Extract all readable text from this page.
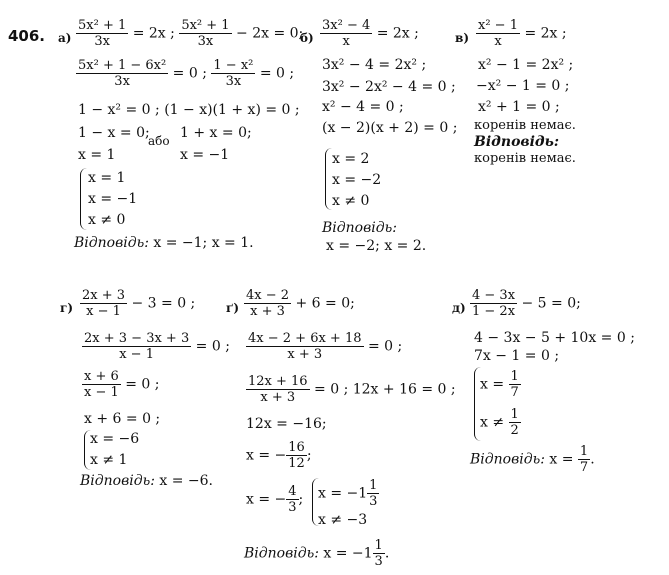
406. $а) \frac{\text{5x² + 1}}{3x} = 2x$ ; $\frac{\text{5x² + 1}}{3x} - 2x = 0$;
$\frac{\text{5x² + 1 − 6x²}}{3x} = 0$ ; $\frac{\text{1 − x²}}{3x} = 0$ ;
1 − x² = 0 ; (1 − x)(1 + x) = 0 ;
1 − x = 0;
або 1 + x = 0;
x = 1	x = −1
x = 1
x = −1
x ≠ 0
Відповідь: x = −1; x = 1.
$б) \frac{\text{3x² − 4}}{x} = 2x$ ;
3x² − 4 = 2x² ;
3x² − 2x² − 4 = 0 ;
x² − 4 = 0 ;
(x − 2)(x + 2) = 0 ;
x = 2
x = −2
x ≠ 0
Відповідь:
x = −2; x = 2.
$в) \frac{\text{x² − 1}}{x} = 2x$ ;
x² − 1 = 2x² ;
−x² − 1 = 0 ;
x² + 1 = 0 ;
коренів немає.
Відповідь:
коренів немає.
$г) \frac{2x + 3}{x - 1} - 3 = 0$ ;
$\frac{2x + 3 - 3x + 3}{x - 1} = 0$ ;
$\frac{x + 6}{x - 1} = 0$ ;
x + 6 = 0 ;
x = −6
x ≠ 1
Відповідь: x = −6.
$ґ) \frac{4x - 2}{x + 3} + 6 = 0$;
$\frac{4x - 2 + 6x + 18}{x + 3} = 0$ ;
$\frac{12x + 16}{x + 3} = 0$ ; 12x + 16 = 0 ;
12x = −16;
x = − $\frac{16}{12}$ ;
x = − $\frac{4}{3}$ ; $x = -1 \frac{1}{3}$
x ≠ −3
Відповідь: $x = -1 \frac{1}{3}$ .
$д) \frac{4 - 3x}{1 - 2x} - 5 = 0$;
4 − 3x − 5 + 10x = 0 ;
7x − 1 = 0 ;
$x = \frac{1}{7}$
$x \ne \frac{1}{2}$
Відповідь: $x = \frac{1}{7}$ .
